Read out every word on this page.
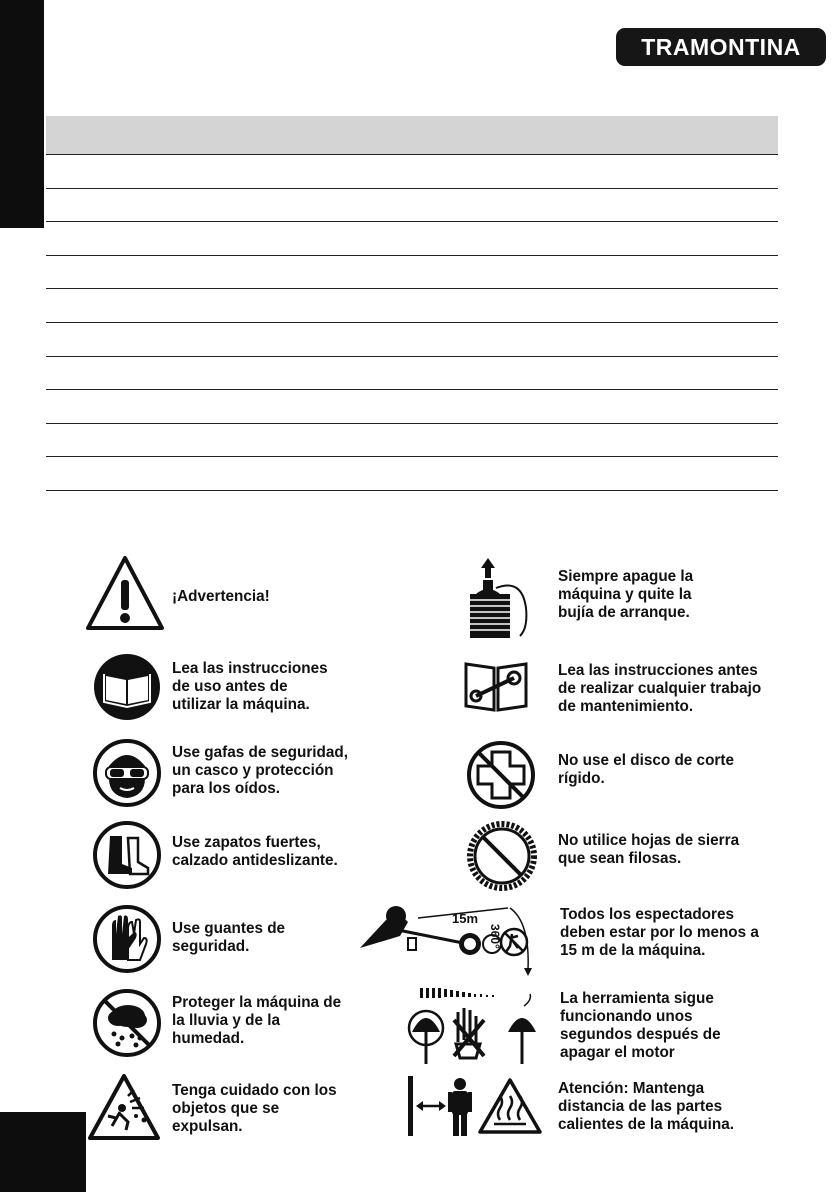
TRAMONTINA
¡Advertencia!
Lea las instrucciones
de uso antes de
utilizar la máquina.
Use gafas de seguridad,
un casco y protección
para los oídos.
Use zapatos fuertes,
calzado antideslizante.
Use guantes de
seguridad.
Proteger la máquina de
la lluvia y de la
humedad.
Tenga cuidado con los
objetos que se
expulsan.
Siempre apague la
máquina y quite la
bujía de arranque.
Lea las instrucciones antes
de realizar cualquier trabajo
de mantenimiento.
No use el disco de corte
rígido.
No utilice hojas de sierra
que sean filosas.
15m
360°
Todos los espectadores
deben estar por lo menos a
15 m de la máquina.
La herramienta sigue
funcionando unos
segundos después de
apagar el motor
Atención: Mantenga
distancia de las partes
calientes de la máquina.
